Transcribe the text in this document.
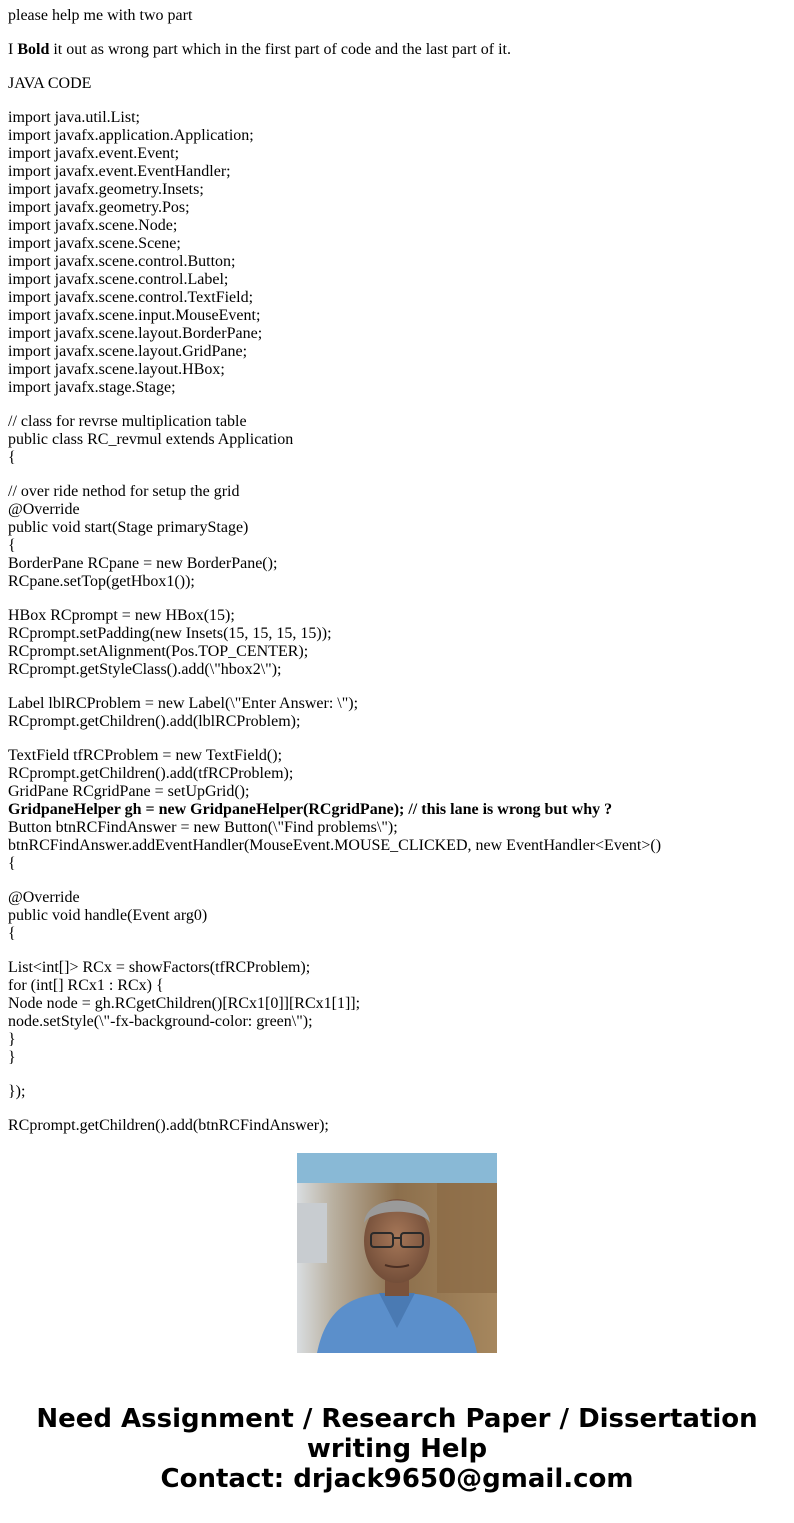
please help me with two part

I Bold it out as wrong part which in the first part of code and the last part of it.

JAVA CODE

import java.util.List;
import javafx.application.Application;
import javafx.event.Event;
import javafx.event.EventHandler;
import javafx.geometry.Insets;
import javafx.geometry.Pos;
import javafx.scene.Node;
import javafx.scene.Scene;
import javafx.scene.control.Button;
import javafx.scene.control.Label;
import javafx.scene.control.TextField;
import javafx.scene.input.MouseEvent;
import javafx.scene.layout.BorderPane;
import javafx.scene.layout.GridPane;
import javafx.scene.layout.HBox;
import javafx.stage.Stage;

// class for revrse multiplication table
public class RC_revmul extends Application
{

// over ride nethod for setup the grid
@Override
public void start(Stage primaryStage)
{
BorderPane RCpane = new BorderPane();
RCpane.setTop(getHbox1());

HBox RCprompt = new HBox(15);
RCprompt.setPadding(new Insets(15, 15, 15, 15));
RCprompt.setAlignment(Pos.TOP_CENTER);
RCprompt.getStyleClass().add(\"hbox2\");

Label lblRCProblem = new Label(\"Enter Answer: \");
RCprompt.getChildren().add(lblRCProblem);

TextField tfRCProblem = new TextField();
RCprompt.getChildren().add(tfRCProblem);
GridPane RCgridPane = setUpGrid();
GridpaneHelper gh = new GridpaneHelper(RCgridPane); // this lane is wrong but why ?
Button btnRCFindAnswer = new Button(\"Find problems\");
btnRCFindAnswer.addEventHandler(MouseEvent.MOUSE_CLICKED, new EventHandler<Event>()
{

@Override
public void handle(Event arg0)
{

List<int[]> RCx = showFactors(tfRCProblem);
for (int[] RCx1 : RCx) {
Node node = gh.RCgetChildren()[RCx1[0]][RCx1[1]];
node.setStyle(\"-fx-background-color: green\");
}
}

});

RCprompt.getChildren().add(btnRCFindAnswer);

Need Assignment / Research Paper / Dissertation
writing Help
Contact: drjack9650@gmail.com
